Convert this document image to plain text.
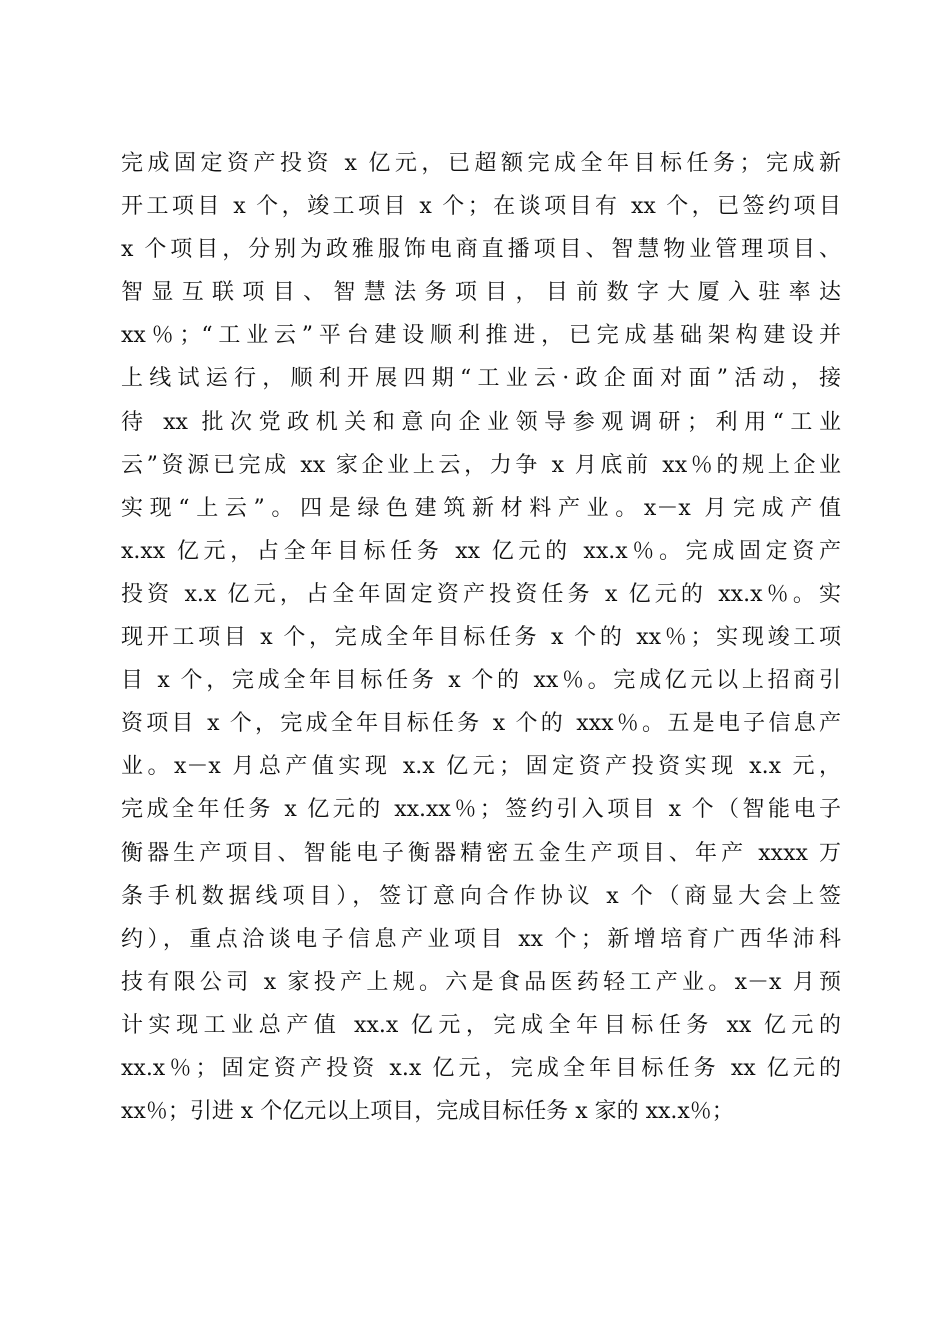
完成固定资产投资 x 亿元，已超额完成全年目标任务；完成新
开工项目 x 个，竣工项目 x 个；在谈项目有 xx 个，已签约项目
x 个项目，分别为政雅服饰电商直播项目、智慧物业管理项目、
智显互联项目、智慧法务项目，目前数字大厦入驻率达
xx％；“工业云”平台建设顺利推进，已完成基础架构建设并
上线试运行，顺利开展四期“工业云·政企面对面”活动，接
待 xx 批次党政机关和意向企业领导参观调研；利用“工业
云”资源已完成 xx 家企业上云，力争 x 月底前 xx％的规上企业
实现“上云”。四是绿色建筑新材料产业。x－x 月完成产值
x.xx 亿元，占全年目标任务 xx 亿元的 xx.x％。完成固定资产
投资 x.x 亿元，占全年固定资产投资任务 x 亿元的 xx.x％。实
现开工项目 x 个，完成全年目标任务 x 个的 xx％；实现竣工项
目 x 个，完成全年目标任务 x 个的 xx％。完成亿元以上招商引
资项目 x 个，完成全年目标任务 x 个的 xxx％。五是电子信息产
业。x－x 月总产值实现 x.x 亿元；固定资产投资实现 x.x 元，
完成全年任务 x 亿元的 xx.xx％；签约引入项目 x 个（智能电子
衡器生产项目、智能电子衡器精密五金生产项目、年产 xxxx 万
条手机数据线项目），签订意向合作协议 x 个（商显大会上签
约），重点洽谈电子信息产业项目 xx 个；新增培育广西华沛科
技有限公司 x 家投产上规。六是食品医药轻工产业。x－x 月预
计实现工业总产值 xx.x 亿元，完成全年目标任务 xx 亿元的
xx.x％；固定资产投资 x.x 亿元，完成全年目标任务 xx 亿元的
xx％；引进 x 个亿元以上项目，完成目标任务 x 家的 xx.x％；
